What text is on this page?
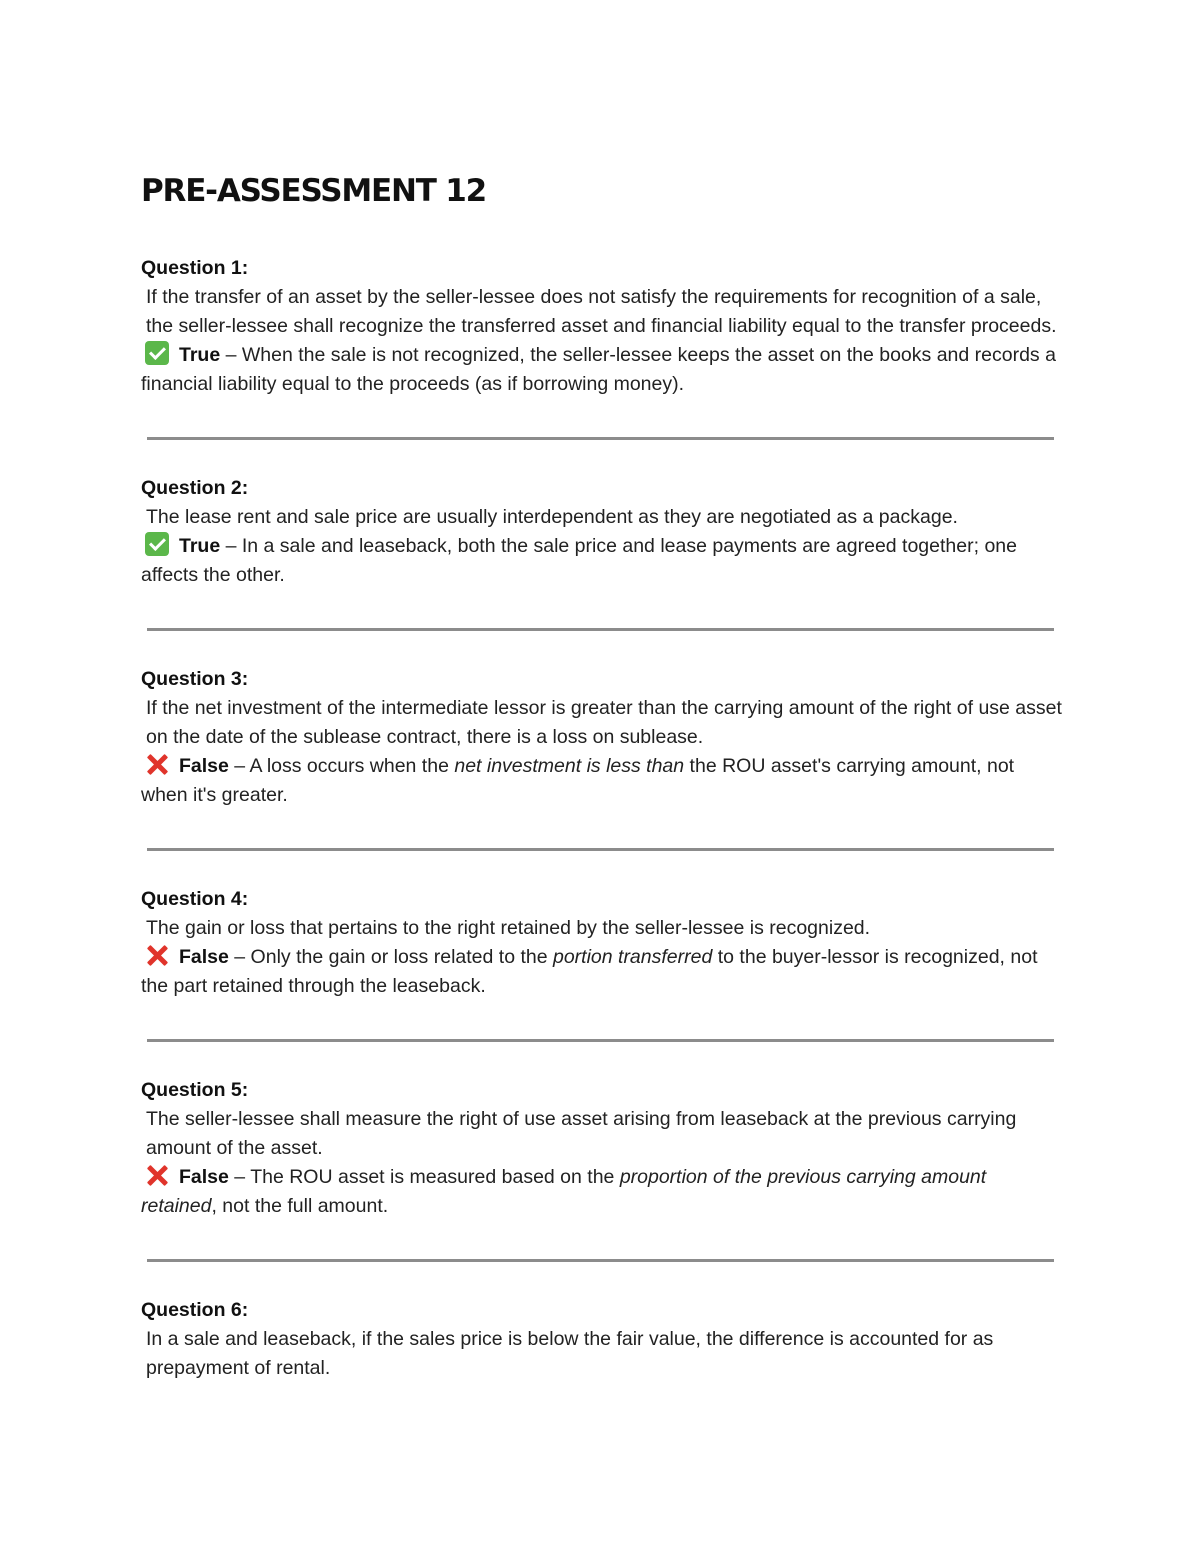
PRE-ASSESSMENT 12

Question 1:

If the transfer of an asset by the seller-lessee does not satisfy the requirements for recognition of a sale, the seller-lessee shall recognize the transferred asset and financial liability equal to the transfer proceeds.

True – When the sale is not recognized, the seller-lessee keeps the asset on the books and records a financial liability equal to the proceeds (as if borrowing money).

Question 2:

The lease rent and sale price are usually interdependent as they are negotiated as a package.

True – In a sale and leaseback, both the sale price and lease payments are agreed together; one affects the other.

Question 3:

If the net investment of the intermediate lessor is greater than the carrying amount of the right of use asset on the date of the sublease contract, there is a loss on sublease.

False – A loss occurs when the net investment is less than the ROU asset's carrying amount, not when it's greater.

Question 4:

The gain or loss that pertains to the right retained by the seller-lessee is recognized.

False – Only the gain or loss related to the portion transferred to the buyer-lessor is recognized, not the part retained through the leaseback.

Question 5:

The seller-lessee shall measure the right of use asset arising from leaseback at the previous carrying amount of the asset.

False – The ROU asset is measured based on the proportion of the previous carrying amount retained, not the full amount.

Question 6:

In a sale and leaseback, if the sales price is below the fair value, the difference is accounted for as prepayment of rental.
